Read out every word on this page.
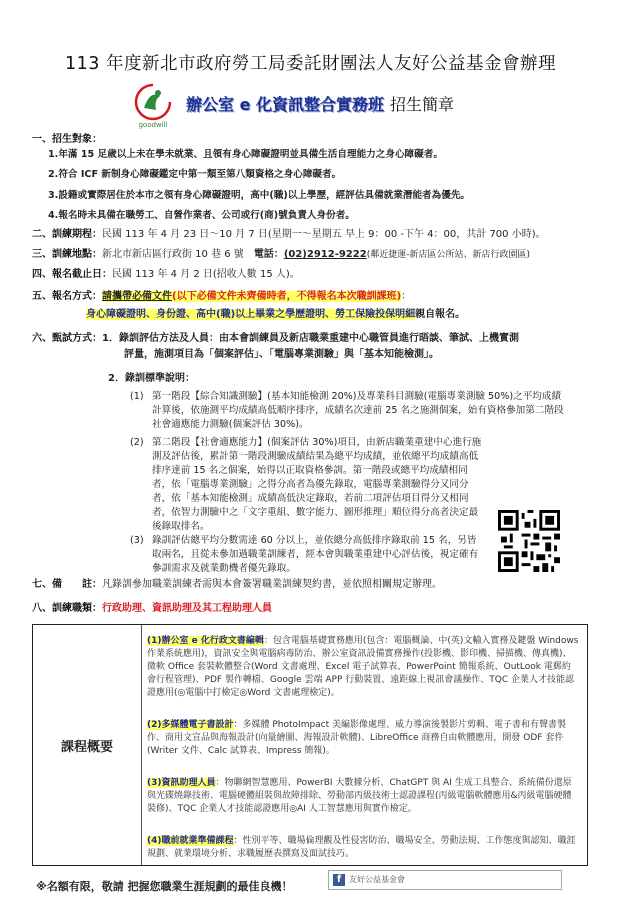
113 年度新北市政府勞工局委託財團法人友好公益基金會辦理
goodwill
辦公室 e 化資訊整合實務班 招生簡章
一、招生對象：
1.年滿 15 足歲以上未在學未就業、且領有身心障礙證明並具備生活自理能力之身心障礙者。
2.符合 ICF 新制身心障礙鑑定中第一類至第八類資格之身心障礙者。
3.設籍或實際居住於本市之領有身心障礙證明，高中(職)以上學歷，經評估具備就業潛能者為優先。
4.報名時未具備在職勞工、自營作業者、公司或行(商)號負責人身份者。
二、訓練期程：民國 113 年 4 月 23 日～10 月 7 日(星期一～星期五 早上 9：00 -下午 4：00，共計 700 小時)。
三、訓練地點：新北市新店區行政街 10 巷 6 號　 電話：(02)2912-9222(鄰近捷運-新店區公所站、新店行政園區)
四、報名截止日：民國 113 年 4 月 2 日(招收人數 15 人)。
五、報名方式：請攜帶必備文件(以下必備文件未齊備時者，不得報名本次職訓課班)：
身心障礙證明、身份證、高中(職)以上畢業之學歷證明、勞工保險投保明細親自報名。
六、甄試方式：1．錄訓評估方法及人員：由本會訓練員及新店職業重建中心職管員進行晤談、筆試、上機實測
評量，施測項目為「個案評估」、「電腦專業測驗」與「基本知能檢測」。
2．錄訓標準說明：
(1) 第一階段【綜合知識測驗】(基本知能檢測 20%)及專業科目測驗(電腦專業測驗 50%)之平均成績計算後，依施測平均成績高低順序排序，成績名次達前 25 名之施測個案，始有資格參加第二階段社會適應能力測驗(個案評估 30%)。
(2) 第二階段【社會適應能力】(個案評估 30%)項目，由新店職業重建中心進行施測及評估後，累計第一階段測驗成績結果為總平均成績，並依總平均成績高低排序達前 15 名之個案，始得以正取資格參訓。第一階段或總平均成績相同者，依「電腦專業測驗」之得分高者為優先錄取，電腦專業測驗得分又同分者，依「基本知能檢測」成績高低決定錄取，若前二項評估項目得分又相同者，依智力測驗中之「文字重組、數字能力、圖形推理」順位得分高者決定最後錄取排名。
(3) 錄訓評估總平均分數需達 60 分以上，並依總分高低排序錄取前 15 名，另皆取兩名，且從未參加過職業訓練者，經本會與職業重建中心評估後，視定確有參訓需求及就業動機者優先錄取。
七、備　　註：凡錄訓參加職業訓練者需與本會簽署職業訓練契約書，並依照相關規定辦理。
八、訓練職類：行政助理、資訊助理及其工程助理人員
課程概要
(1)辦公室 e 化行政文書編輯：包含電腦基礎實務應用(包含：電腦概論、中(英)文輸入實務及鍵盤 Windows 作業系統應用)，資訊安全與電腦病毒防治、辦公室資訊設備實務操作(投影機、影印機、掃描機、傳真機)、微軟 Office 套裝軟體整合(Word 文書處理、Excel 電子試算表、PowerPoint 簡報系統、OutLook 電郵約會行程管理)、PDF 製作轉檔、Google 雲端 APP 行動裝置、遠距線上視訊會議操作、TQC 企業人才技能認證應用(◎電腦中打檢定◎Word 文書處理檢定)。
(2)多媒體電子書設計：多媒體 PhotoImpact 美編影像處理、威力導演後製影片剪輯、電子書和有聲書製作、商用文宣品與海報設計(向量繪圖、海報設計軟體)、LibreOffice 商務自由軟體應用，開發 ODF 套件(Writer 文件、Calc 試算表、Impress 簡報)。
(3)資訊助理人員：物聯網智慧應用、PowerBI 大數據分析、ChatGPT 與 AI 生成工具整合、系統備份還原與光碟燒錄技術、電腦硬體組裝與故障排除、勞動部丙級技術士認證課程(丙級電腦軟體應用&丙級電腦硬體裝修)、TQC 企業人才技能認證應用◎AI 人工智慧應用與實作檢定。
(4)職前就業準備課程：性別平等、職場倫理觀及性侵害防治、職場安全、勞動法規、工作態度與認知、職涯規劃、就業環境分析、求職履歷表撰寫及面試技巧。
※名額有限，敬請 把握您職業生涯規劃的最佳良機！
f 友好公益基金會
